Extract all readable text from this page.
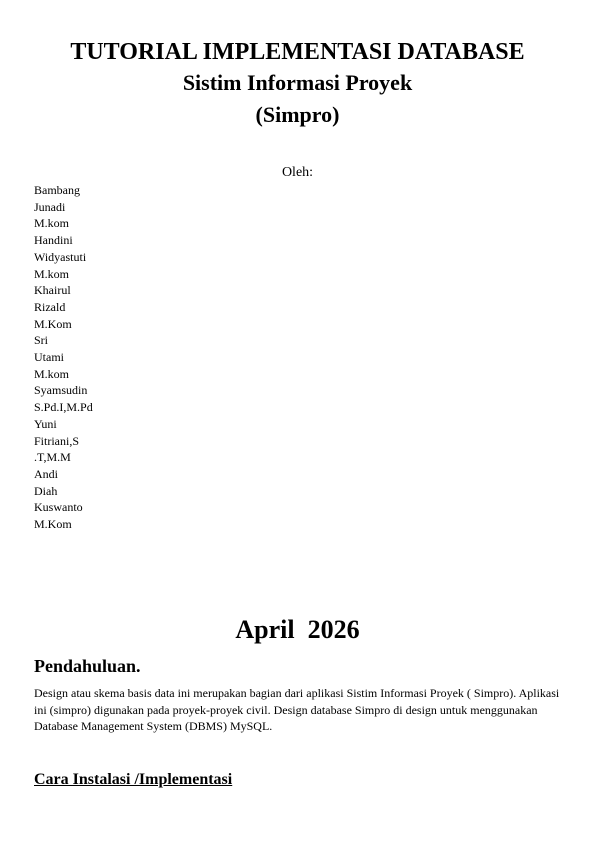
TUTORIAL IMPLEMENTASI DATABASE
Sistim Informasi Proyek
(Simpro)
Oleh:
Bambang
Junadi
M.kom
Handini
Widyastuti
M.kom
Khairul
Rizald
M.Kom
Sri
Utami
M.kom
Syamsudin
S.Pd.I,M.Pd
Yuni
Fitriani,S
.T,M.M
Andi
Diah
Kuswanto
M.Kom
April  2026
Pendahuluan.

Design atau skema basis data ini merupakan bagian dari aplikasi Sistim Informasi Proyek ( Simpro). Aplikasi ini (simpro) digunakan pada proyek-proyek civil. Design database Simpro di design untuk menggunakan Database Management System (DBMS) MySQL.

Cara Instalasi /Implementasi
